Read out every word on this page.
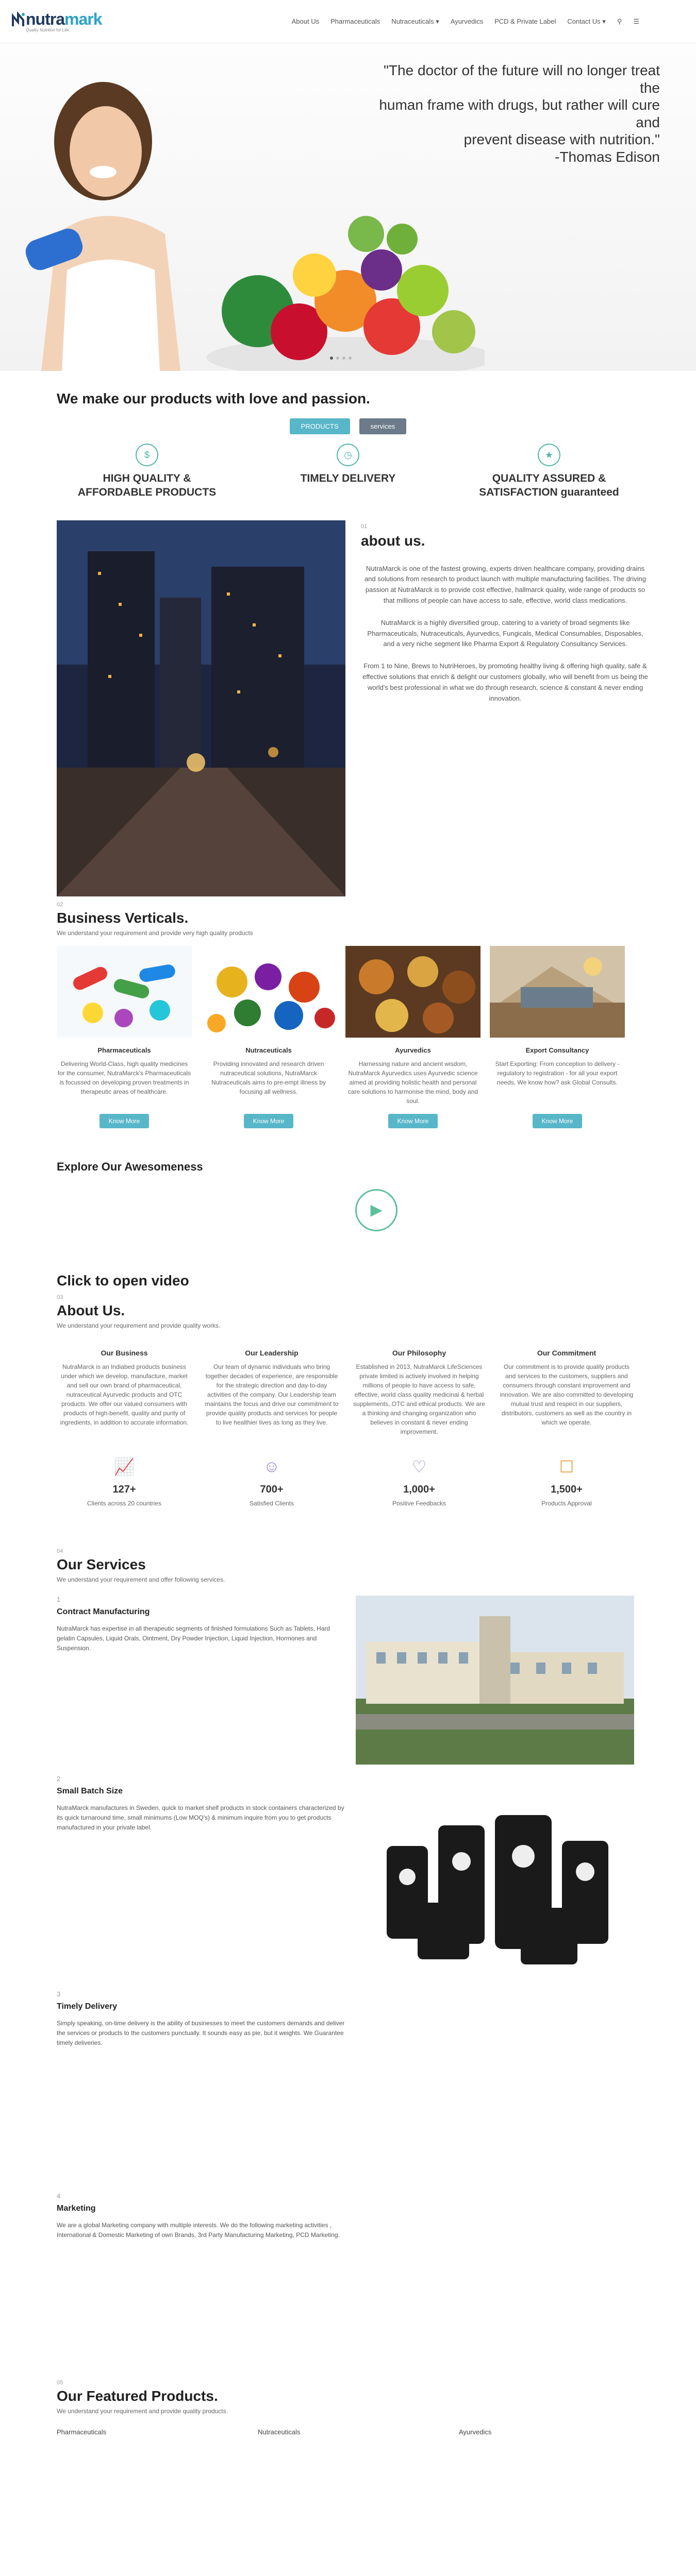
nutramark
Quality Nutrition for Life
About Us Pharmaceuticals Nutraceuticals ▾ Ayurvedics PCD & Private Label Contact Us ▾ ⚲ ☰
"The doctor of the future will no longer treat the
human frame with drugs, but rather will cure and
prevent disease with nutrition."
-Thomas Edison
We make our products with love and passion.
PRODUCTS	services
$
HIGH QUALITY & AFFORDABLE PRODUCTS
◷
TIMELY DELIVERY
★
QUALITY ASSURED & SATISFACTION guaranteed
01
about us.

NutraMarck is one of the fastest growing, experts driven healthcare company, providing drains and solutions from research to product launch with multiple manufacturing facilities. The driving passion at NutraMarck is to provide cost effective, hallmarck quality, wide range of products so that millions of people can have access to safe, effective, world class medications.

NutraMarck is a highly diversified group, catering to a variety of broad segments like Pharmaceuticals, Nutraceuticals, Ayurvedics, Fungicals, Medical Consumables, Disposables, and a very niche segment like Pharma Export & Regulatory Consultancy Services.

From 1 to Nine, Brews to NutriHeroes, by promoting healthy living & offering high quality, safe & effective solutions that enrich & delight our customers globally, who will benefit from us being the world's best professional in what we do through research, science & constant & never ending innovation.

02
Business Verticals.

We understand your requirement and provide very high quality products

Pharmaceuticals

Delivering World-Class, high quality medicines for the consumer, NutraMarck's Pharmaceuticals is focussed on developing proven treatments in therapeutic areas of healthcare.

Know More
Nutraceuticals

Providing innovated and research driven nutraceutical solutions, NutraMarck Nutraceuticals aims to pre-empt illness by focusing all wellness.

Know More
Ayurvedics

Harnessing nature and ancient wisdom, NutraMarck Ayurvedics uses Ayurvedic science aimed at providing holistic health and personal care solutions to harmonise the mind, body and soul.

Know More
Export Consultancy

Start Exporting: From conception to delivery - regulatory to registration - for all your export needs. We know how? ask Global Consults.

Know More
Explore Our Awesomeness
▶
Click to open video
03
About Us.

We understand your requirement and provide quality works.

Our Business

NutraMarck is an Indiabed products business under which we develop, manufacture, market and sell our own brand of pharmaceutical, nutraceutical Ayurvedic products and OTC products. We offer our valued consumers with products of high-benefit, quality and purity of ingredients, in addition to accurate information.

Our Leadership

Our team of dynamic individuals who bring together decades of experience, are responsible for the strategic direction and day-to-day activities of the company. Our Leadership team maintains the focus and drive our commitment to provide quality products and services for people to live healthier lives as long as they live.

Our Philosophy

Established in 2013, NutraMarck LifeSciences private limited is actively involved in helping millions of people to have access to safe, effective, world class quality medicinal & herbal supplements, OTC and ethical products. We are a thinking and changing organization who believes in constant & never ending improvement.

Our Commitment

Our commitment is to provide quality products and services to the customers, suppliers and consumers through constant improvement and innovation. We are also committed to developing mutual trust and respect in our suppliers, distributors, customers as well as the country in which we operate.

📈
127+
Clients across 20 countries
☺
700+
Satisfied Clients
♡
1,000+
Positive Feedbacks
☐
1,500+
Products Approval
04
Our Services

We understand your requirement and offer following services.

1
Contract Manufacturing

NutraMarck has expertise in all therapeutic segments of finished formulations Such as Tablets, Hard gelatin Capsules, Liquid Orals, Ointment, Dry Powder Injection, Liquid Injection, Hormones and Suspension.

2
Small Batch Size

NutraMarck manufactures in Sweden, quick to market shelf products in stock containers characterized by its quick turnaround time, small minimums (Low MOQ's) & minimum inquire from you to get products manufactured in your private label.

3
Timely Delivery

Simply speaking, on-time delivery is the ability of businesses to meet the customers demands and deliver the services or products to the customers punctually. It sounds easy as pie, but it weights. We Guarantee timely deliveries.

4
Marketing

We are a global Marketing company with multiple interests. We do the following marketing activities , International & Domestic Marketing of own Brands, 3rd Party Manufacturing Marketing, PCD Marketing.

05
Our Featured Products.

We understand your requirement and provide quality products.

Pharmaceuticals	Nutraceuticals	Ayurvedics
